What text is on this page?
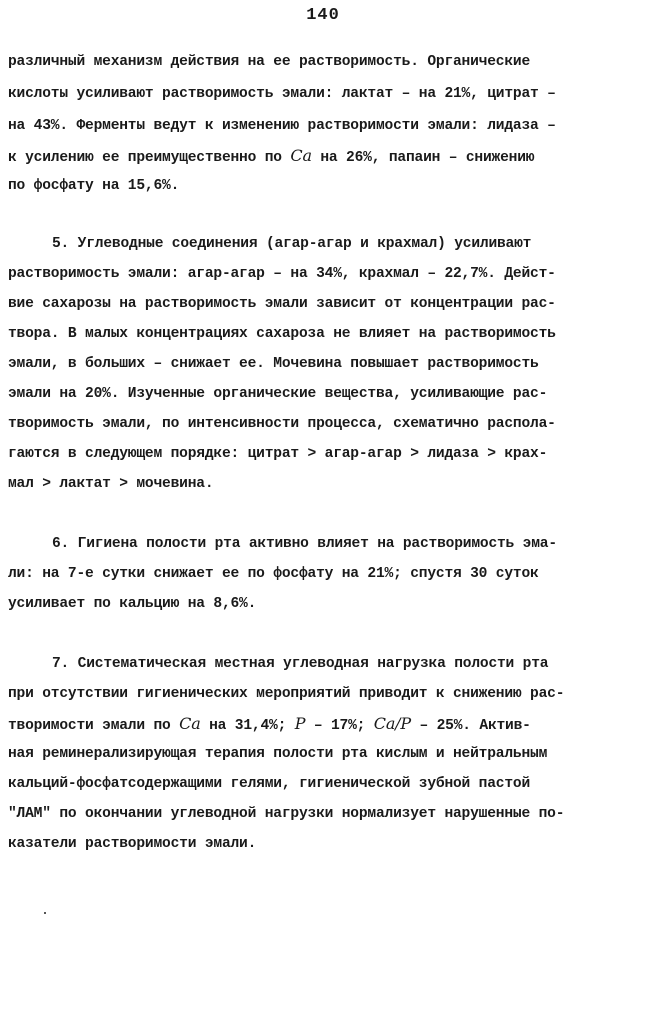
140
различный механизм действия на ее растворимость. Органические
кислоты усиливают растворимость эмали: лактат – на 21%, цитрат –
на 43%. Ферменты ведут к изменению растворимости эмали: лидаза –
к усилению ее преимущественно по Ca на 26%, папаин – снижению
по фосфату на 15,6%.
5. Углеводные соединения (агар-агар и крахмал) усиливают
растворимость эмали: агар-агар – на 34%, крахмал – 22,7%. Дейст-
вие сахарозы на растворимость эмали зависит от концентрации рас-
твора. В малых концентрациях сахароза не влияет на растворимость
эмали, в больших – снижает ее. Мочевина повышает растворимость
эмали на 20%. Изученные органические вещества, усиливающие рас-
творимость эмали, по интенсивности процесса, схематично распола-
гаются в следующем порядке: цитрат > агар-агар > лидаза > крах-
мал > лактат > мочевина.
6. Гигиена полости рта активно влияет на растворимость эма-
ли: на 7-е сутки снижает ее по фосфату на 21%; спустя 30 суток
усиливает по кальцию на 8,6%.
7. Систематическая местная углеводная нагрузка полости рта
при отсутствии гигиенических мероприятий приводит к снижению рас-
творимости эмали по Ca на 31,4%; P – 17%; Ca/P – 25%. Актив-
ная реминерализирующая терапия полости рта кислым и нейтральным
кальций-фосфатсодержащими гелями, гигиенической зубной пастой
"ЛАМ" по окончании углеводной нагрузки нормализует нарушенные по-
казатели растворимости эмали.
